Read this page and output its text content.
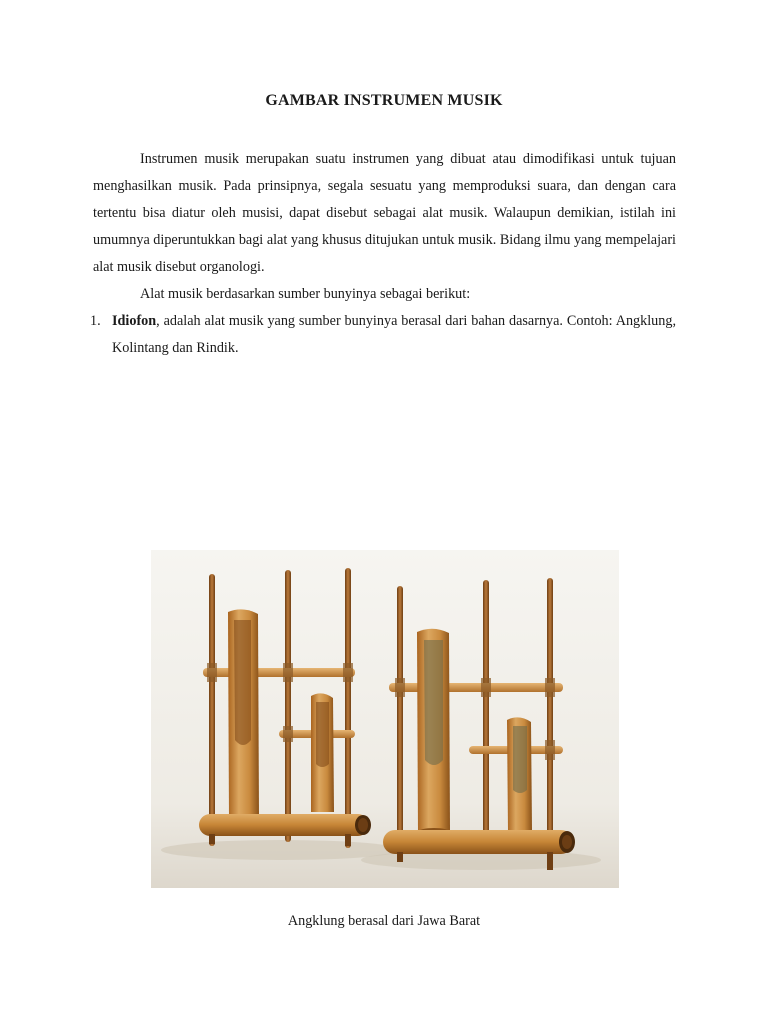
GAMBAR INSTRUMEN MUSIK

Instrumen musik merupakan suatu instrumen yang dibuat atau dimodifikasi untuk tujuan menghasilkan musik. Pada prinsipnya, segala sesuatu yang memproduksi suara, dan dengan cara tertentu bisa diatur oleh musisi, dapat disebut sebagai alat musik. Walaupun demikian, istilah ini umumnya diperuntukkan bagi alat yang khusus ditujukan untuk musik. Bidang ilmu yang mempelajari alat musik disebut organologi.

Alat musik berdasarkan sumber bunyinya sebagai berikut:

1. Idiofon, adalah alat musik yang sumber bunyinya berasal dari bahan dasarnya. Contoh: Angklung, Kolintang dan Rindik.
Angklung berasal dari Jawa Barat
